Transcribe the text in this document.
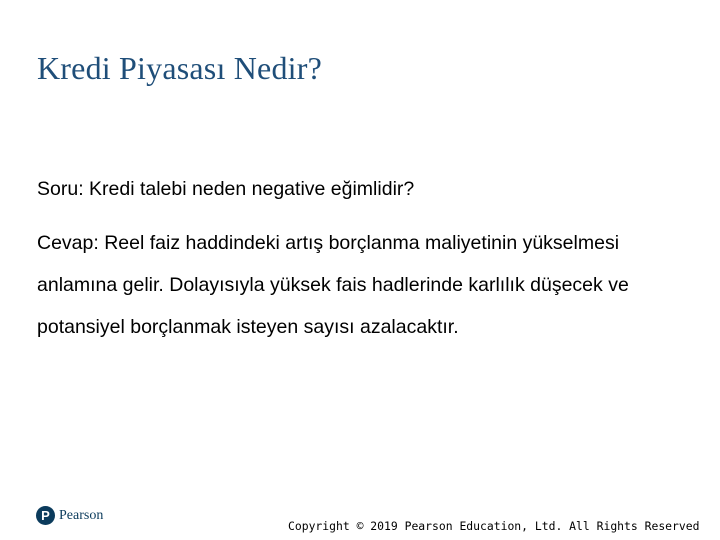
Kredi Piyasası Nedir?

Soru: Kredi talebi neden negative eğimlidir?

Cevap: Reel faiz haddindeki artış borçlanma maliyetinin yükselmesi anlamına gelir. Dolayısıyla yüksek fais hadlerinde karlılık düşecek ve potansiyel borçlanmak isteyen sayısı azalacaktır.

P Pearson
Copyright © 2019 Pearson Education, Ltd. All Rights Reserved
